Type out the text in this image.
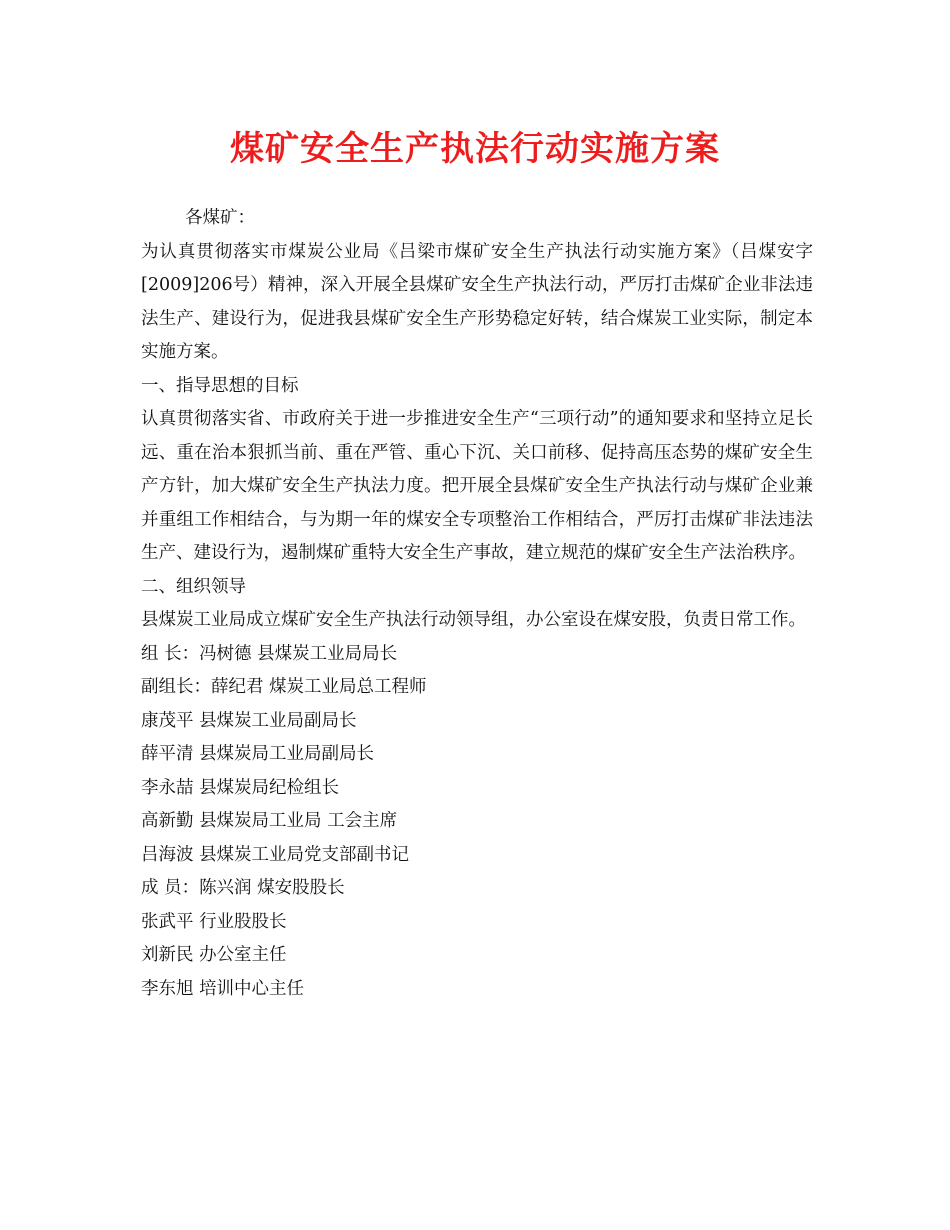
煤矿安全生产执法行动实施方案

各煤矿：

为认真贯彻落实市煤炭公业局《吕梁市煤矿安全生产执法行动实施方案》（吕煤安字[2009]206号）精神，深入开展全县煤矿安全生产执法行动，严厉打击煤矿企业非法违法生产、建设行为，促进我县煤矿安全生产形势稳定好转，结合煤炭工业实际，制定本实施方案。

一、指导思想的目标

认真贯彻落实省、市政府关于进一步推进安全生产“三项行动”的通知要求和坚持立足长远、重在治本狠抓当前、重在严管、重心下沉、关口前移、促持高压态势的煤矿安全生产方针，加大煤矿安全生产执法力度。把开展全县煤矿安全生产执法行动与煤矿企业兼并重组工作相结合，与为期一年的煤安全专项整治工作相结合，严厉打击煤矿非法违法生产、建设行为，遏制煤矿重特大安全生产事故，建立规范的煤矿安全生产法治秩序。

二、组织领导

县煤炭工业局成立煤矿安全生产执法行动领导组，办公室设在煤安股，负责日常工作。

组 长：冯树德 县煤炭工业局局长

副组长：薛纪君 煤炭工业局总工程师

康茂平 县煤炭工业局副局长

薛平清 县煤炭局工业局副局长

李永喆 县煤炭局纪检组长

高新勤 县煤炭局工业局 工会主席

吕海波 县煤炭工业局党支部副书记

成 员：陈兴润 煤安股股长

张武平 行业股股长

刘新民 办公室主任

李东旭 培训中心主任
